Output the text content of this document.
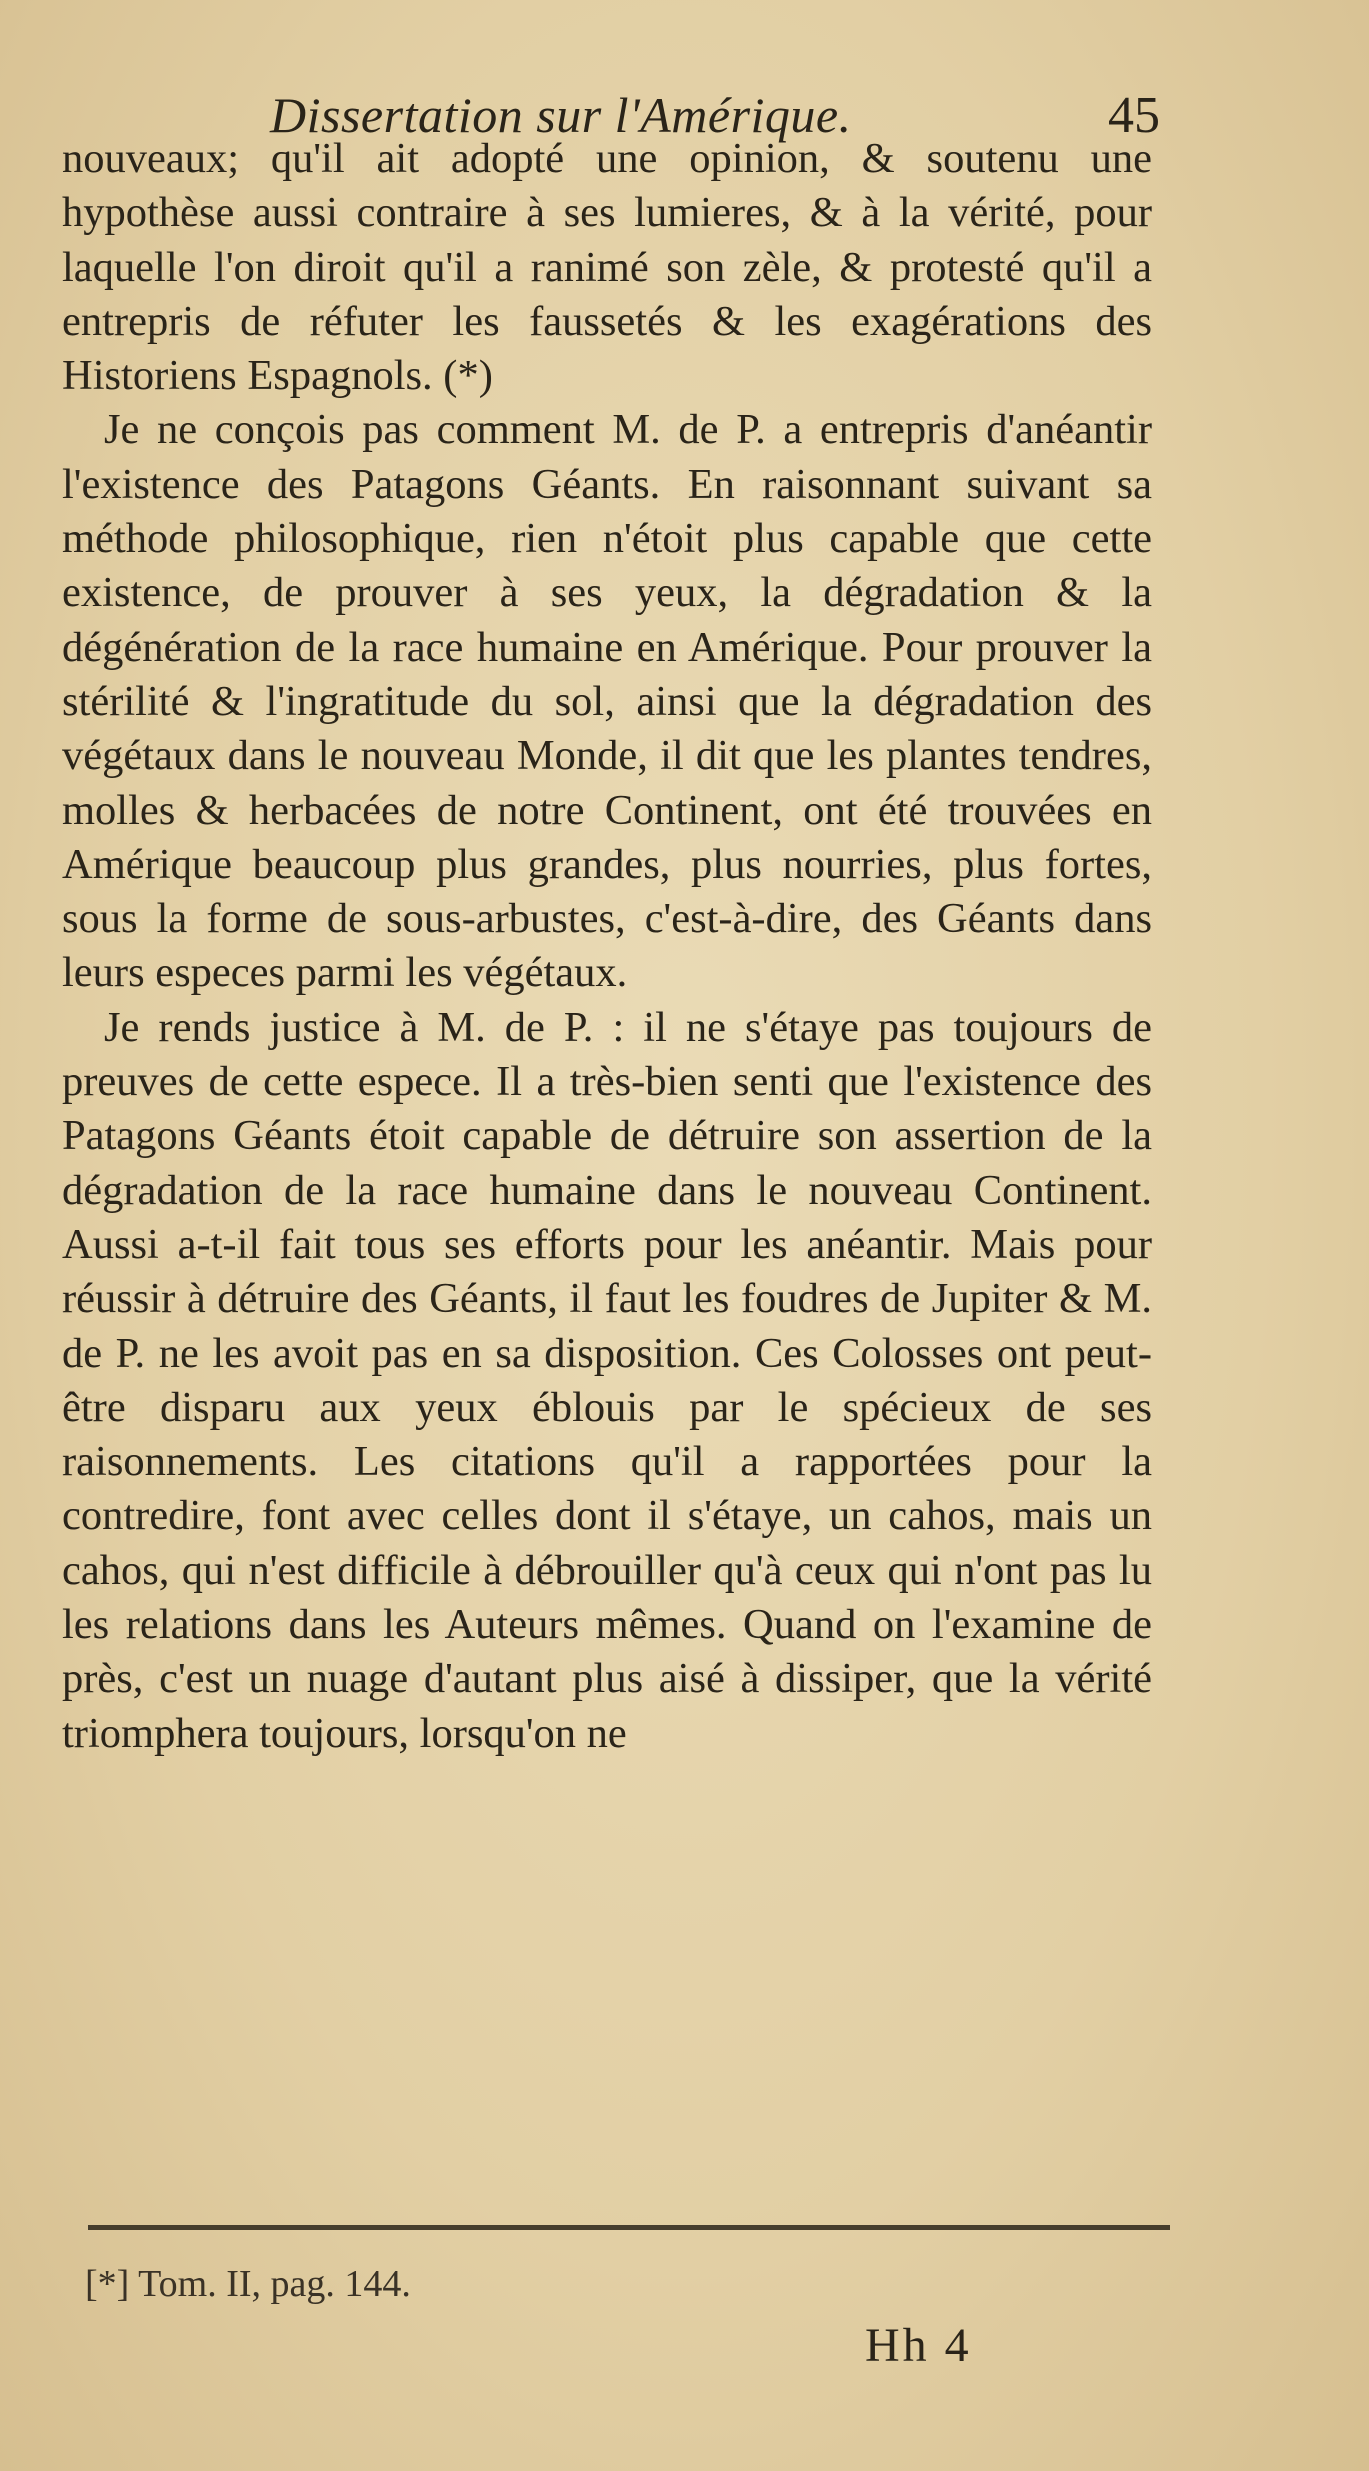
Dissertation sur l'Amérique.	45

nouveaux; qu'il ait adopté une opinion, & soutenu une hypothèse aussi contraire à ses lumieres, & à la vérité, pour laquelle l'on diroit qu'il a ranimé son zèle, & protesté qu'il a entrepris de réfuter les faussetés & les exagérations des Historiens Espagnols. (*)

Je ne conçois pas comment M. de P. a entrepris d'anéantir l'existence des Patagons Géants. En raisonnant suivant sa méthode philosophique, rien n'étoit plus capable que cette existence, de prouver à ses yeux, la dégradation & la dégénération de la race humaine en Amérique. Pour prouver la stérilité & l'ingratitude du sol, ainsi que la dégradation des végétaux dans le nouveau Monde, il dit que les plantes tendres, molles & herbacées de notre Continent, ont été trouvées en Amérique beaucoup plus grandes, plus nourries, plus fortes, sous la forme de sous-arbustes, c'est-à-dire, des Géants dans leurs especes parmi les végétaux.

Je rends justice à M. de P. : il ne s'étaye pas toujours de preuves de cette espece. Il a très-bien senti que l'existence des Patagons Géants étoit capable de détruire son assertion de la dégradation de la race humaine dans le nouveau Continent. Aussi a-t-il fait tous ses efforts pour les anéantir. Mais pour réussir à détruire des Géants, il faut les foudres de Jupiter & M. de P. ne les avoit pas en sa disposition. Ces Colosses ont peut-être disparu aux yeux éblouis par le spécieux de ses raisonnements. Les citations qu'il a rapportées pour la contredire, font avec celles dont il s'étaye, un cahos, mais un cahos, qui n'est difficile à débrouiller qu'à ceux qui n'ont pas lu les relations dans les Auteurs mêmes. Quand on l'examine de près, c'est un nuage d'autant plus aisé à dissiper, que la vérité triomphera toujours, lorsqu'on ne

[*] Tom. II, pag. 144.
Hh 4
